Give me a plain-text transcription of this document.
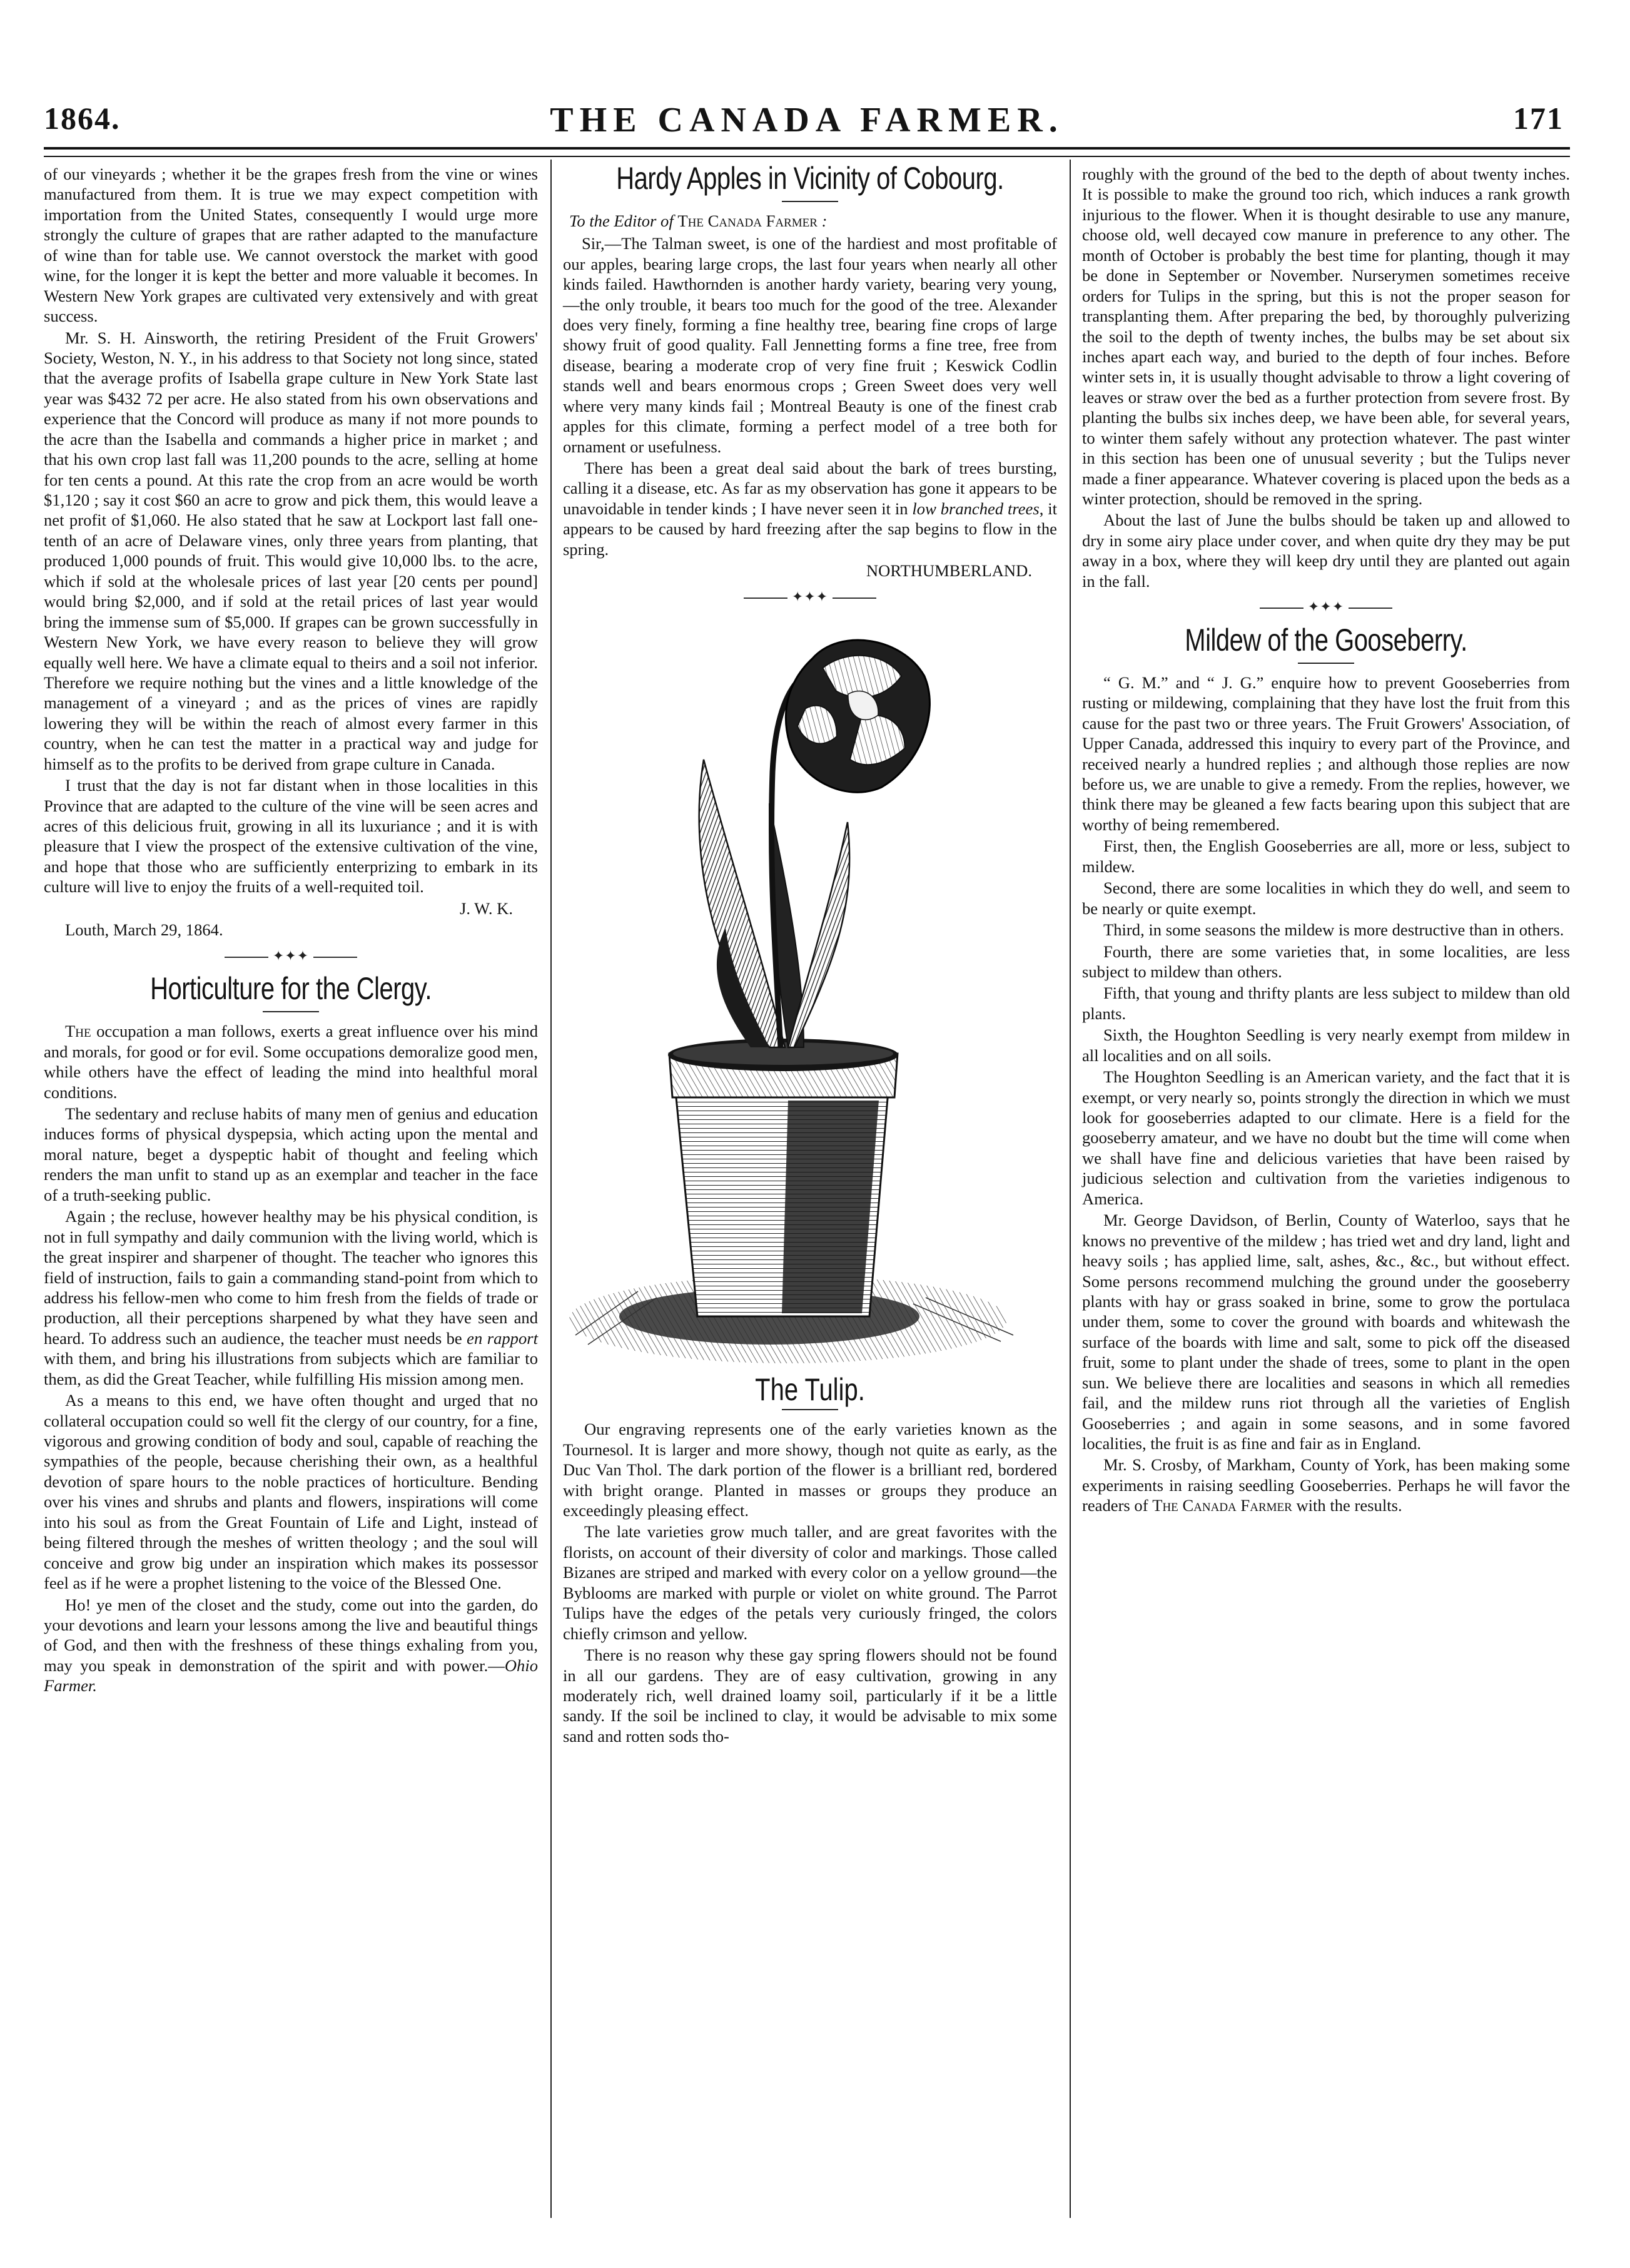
1864.	THE CANADA FARMER.	171

of our vineyards ; whether it be the grapes fresh from the vine or wines manufactured from them. It is true we may expect competition with importation from the United States, consequently I would urge more strongly the culture of grapes that are rather adapted to the manufacture of wine than for table use. We cannot overstock the market with good wine, for the longer it is kept the better and more valuable it becomes. In Western New York grapes are cultivated very extensively and with great success.

Mr. S. H. Ainsworth, the retiring President of the Fruit Growers' Society, Weston, N. Y., in his address to that Society not long since, stated that the average profits of Isabella grape culture in New York State last year was $432 72 per acre. He also stated from his own observations and experience that the Concord will produce as many if not more pounds to the acre than the Isabella and commands a higher price in market ; and that his own crop last fall was 11,200 pounds to the acre, selling at home for ten cents a pound. At this rate the crop from an acre would be worth $1,120 ; say it cost $60 an acre to grow and pick them, this would leave a net profit of $1,060. He also stated that he saw at Lockport last fall one-tenth of an acre of Delaware vines, only three years from planting, that produced 1,000 pounds of fruit. This would give 10,000 lbs. to the acre, which if sold at the wholesale prices of last year [20 cents per pound] would bring $2,000, and if sold at the retail prices of last year would bring the immense sum of $5,000. If grapes can be grown successfully in Western New York, we have every reason to believe they will grow equally well here. We have a climate equal to theirs and a soil not inferior. Therefore we require nothing but the vines and a little knowledge of the management of a vineyard ; and as the prices of vines are rapidly lowering they will be within the reach of almost every farmer in this country, when he can test the matter in a practical way and judge for himself as to the profits to be derived from grape culture in Canada.

I trust that the day is not far distant when in those localities in this Province that are adapted to the culture of the vine will be seen acres and acres of this delicious fruit, growing in all its luxuriance ; and it is with pleasure that I view the prospect of the extensive cultivation of the vine, and hope that those who are sufficiently enterprizing to embark in its culture will live to enjoy the fruits of a well-requited toil.

J. W. K.

Louth, March 29, 1864.

✦✦✦
Horticulture for the Clergy.

The occupation a man follows, exerts a great influence over his mind and morals, for good or for evil. Some occupations demoralize good men, while others have the effect of leading the mind into healthful moral conditions.

The sedentary and recluse habits of many men of genius and education induces forms of physical dyspepsia, which acting upon the mental and moral nature, beget a dyspeptic habit of thought and feeling which renders the man unfit to stand up as an exemplar and teacher in the face of a truth-seeking public.

Again ; the recluse, however healthy may be his physical condition, is not in full sympathy and daily communion with the living world, which is the great inspirer and sharpener of thought. The teacher who ignores this field of instruction, fails to gain a commanding stand-point from which to address his fellow-men who come to him fresh from the fields of trade or production, all their perceptions sharpened by what they have seen and heard. To address such an audience, the teacher must needs be en rapport with them, and bring his illustrations from subjects which are familiar to them, as did the Great Teacher, while fulfilling His mission among men.

As a means to this end, we have often thought and urged that no collateral occupation could so well fit the clergy of our country, for a fine, vigorous and growing condition of body and soul, capable of reaching the sympathies of the people, because cherishing their own, as a healthful devotion of spare hours to the noble practices of horticulture. Bending over his vines and shrubs and plants and flowers, inspirations will come into his soul as from the Great Fountain of Life and Light, instead of being filtered through the meshes of written theology ; and the soul will conceive and grow big under an inspiration which makes its possessor feel as if he were a prophet listening to the voice of the Blessed One.

Ho! ye men of the closet and the study, come out into the garden, do your devotions and learn your lessons among the live and beautiful things of God, and then with the freshness of these things exhaling from you, may you speak in demonstration of the spirit and with power.—Ohio Farmer.

Hardy Apples in Vicinity of Cobourg.

To the Editor of The Canada Farmer :

Sir,—The Talman sweet, is one of the hardiest and most profitable of our apples, bearing large crops, the last four years when nearly all other kinds failed. Hawthornden is another hardy variety, bearing very young,—the only trouble, it bears too much for the good of the tree. Alexander does very finely, forming a fine healthy tree, bearing fine crops of large showy fruit of good quality. Fall Jennetting forms a fine tree, free from disease, bearing a moderate crop of very fine fruit ; Keswick Codlin stands well and bears enormous crops ; Green Sweet does very well where very many kinds fail ; Montreal Beauty is one of the finest crab apples for this climate, forming a perfect model of a tree both for ornament or usefulness.

There has been a great deal said about the bark of trees bursting, calling it a disease, etc. As far as my observation has gone it appears to be unavoidable in tender kinds ; I have never seen it in low branched trees, it appears to be caused by hard freezing after the sap begins to flow in the spring.

NORTHUMBERLAND.

✦✦✦
The Tulip.

Our engraving represents one of the early varieties known as the Tournesol. It is larger and more showy, though not quite as early, as the Duc Van Thol. The dark portion of the flower is a brilliant red, bordered with bright orange. Planted in masses or groups they produce an exceedingly pleasing effect.

The late varieties grow much taller, and are great favorites with the florists, on account of their diversity of color and markings. Those called Bizanes are striped and marked with every color on a yellow ground—the Byblooms are marked with purple or violet on white ground. The Parrot Tulips have the edges of the petals very curiously fringed, the colors chiefly crimson and yellow.

There is no reason why these gay spring flowers should not be found in all our gardens. They are of easy cultivation, growing in any moderately rich, well drained loamy soil, particularly if it be a little sandy. If the soil be inclined to clay, it would be advisable to mix some sand and rotten sods tho-

roughly with the ground of the bed to the depth of about twenty inches. It is possible to make the ground too rich, which induces a rank growth injurious to the flower. When it is thought desirable to use any manure, choose old, well decayed cow manure in preference to any other. The month of October is probably the best time for planting, though it may be done in September or November. Nurserymen sometimes receive orders for Tulips in the spring, but this is not the proper season for transplanting them. After preparing the bed, by thoroughly pulverizing the soil to the depth of twenty inches, the bulbs may be set about six inches apart each way, and buried to the depth of four inches. Before winter sets in, it is usually thought advisable to throw a light covering of leaves or straw over the bed as a further protection from severe frost. By planting the bulbs six inches deep, we have been able, for several years, to winter them safely without any protection whatever. The past winter in this section has been one of unusual severity ; but the Tulips never made a finer appearance. Whatever covering is placed upon the beds as a winter protection, should be removed in the spring.

About the last of June the bulbs should be taken up and allowed to dry in some airy place under cover, and when quite dry they may be put away in a box, where they will keep dry until they are planted out again in the fall.

✦✦✦
Mildew of the Gooseberry.

“ G. M.” and “ J. G.” enquire how to prevent Gooseberries from rusting or mildewing, complaining that they have lost the fruit from this cause for the past two or three years. The Fruit Growers' Association, of Upper Canada, addressed this inquiry to every part of the Province, and received nearly a hundred replies ; and although those replies are now before us, we are unable to give a remedy. From the replies, however, we think there may be gleaned a few facts bearing upon this subject that are worthy of being remembered.

First, then, the English Gooseberries are all, more or less, subject to mildew.

Second, there are some localities in which they do well, and seem to be nearly or quite exempt.

Third, in some seasons the mildew is more destructive than in others.

Fourth, there are some varieties that, in some localities, are less subject to mildew than others.

Fifth, that young and thrifty plants are less subject to mildew than old plants.

Sixth, the Houghton Seedling is very nearly exempt from mildew in all localities and on all soils.

The Houghton Seedling is an American variety, and the fact that it is exempt, or very nearly so, points strongly the direction in which we must look for gooseberries adapted to our climate. Here is a field for the gooseberry amateur, and we have no doubt but the time will come when we shall have fine and delicious varieties that have been raised by judicious selection and cultivation from the varieties indigenous to America.

Mr. George Davidson, of Berlin, County of Waterloo, says that he knows no preventive of the mildew ; has tried wet and dry land, light and heavy soils ; has applied lime, salt, ashes, &c., &c., but without effect. Some persons recommend mulching the ground under the gooseberry plants with hay or grass soaked in brine, some to grow the portulaca under them, some to cover the ground with boards and whitewash the surface of the boards with lime and salt, some to pick off the diseased fruit, some to plant under the shade of trees, some to plant in the open sun. We believe there are localities and seasons in which all remedies fail, and the mildew runs riot through all the varieties of English Gooseberries ; and again in some seasons, and in some favored localities, the fruit is as fine and fair as in England.

Mr. S. Crosby, of Markham, County of York, has been making some experiments in raising seedling Gooseberries. Perhaps he will favor the readers of The Canada Farmer with the results.
